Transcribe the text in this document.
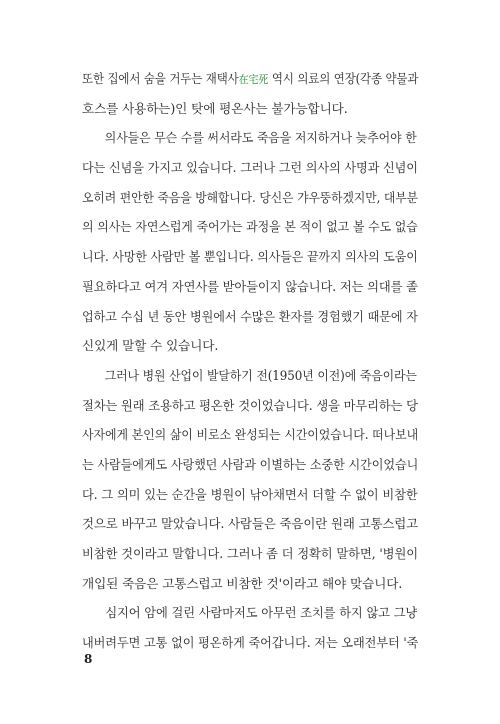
또한 집에서 숨을 거두는 재택사在宅死 역시 의료의 연장(각종 약물과
호스를 사용하는)인 탓에 평온사는 불가능합니다.
의사들은 무슨 수를 써서라도 죽음을 저지하거나 늦추어야 한
다는 신념을 가지고 있습니다. 그러나 그런 의사의 사명과 신념이
오히려 편안한 죽음을 방해합니다. 당신은 갸우뚱하겠지만, 대부분
의 의사는 자연스럽게 죽어가는 과정을 본 적이 없고 볼 수도 없습
니다. 사망한 사람만 볼 뿐입니다. 의사들은 끝까지 의사의 도움이
필요하다고 여겨 자연사를 받아들이지 않습니다. 저는 의대를 졸
업하고 수십 년 동안 병원에서 수많은 환자를 경험했기 때문에 자
신있게 말할 수 있습니다.
그러나 병원 산업이 발달하기 전(1950년 이전)에 죽음이라는
절차는 원래 조용하고 평온한 것이었습니다. 생을 마무리하는 당
사자에게 본인의 삶이 비로소 완성되는 시간이었습니다. 떠나보내
는 사람들에게도 사랑했던 사람과 이별하는 소중한 시간이었습니
다. 그 의미 있는 순간을 병원이 낚아채면서 더할 수 없이 비참한
것으로 바꾸고 말았습니다. 사람들은 죽음이란 원래 고통스럽고
비참한 것이라고 말합니다. 그러나 좀 더 정확히 말하면, '병원이
개입된 죽음은 고통스럽고 비참한 것'이라고 해야 맞습니다.
심지어 암에 걸린 사람마저도 아무런 조치를 하지 않고 그냥
내버려두면 고통 없이 평온하게 죽어갑니다. 저는 오래전부터 '죽
8
